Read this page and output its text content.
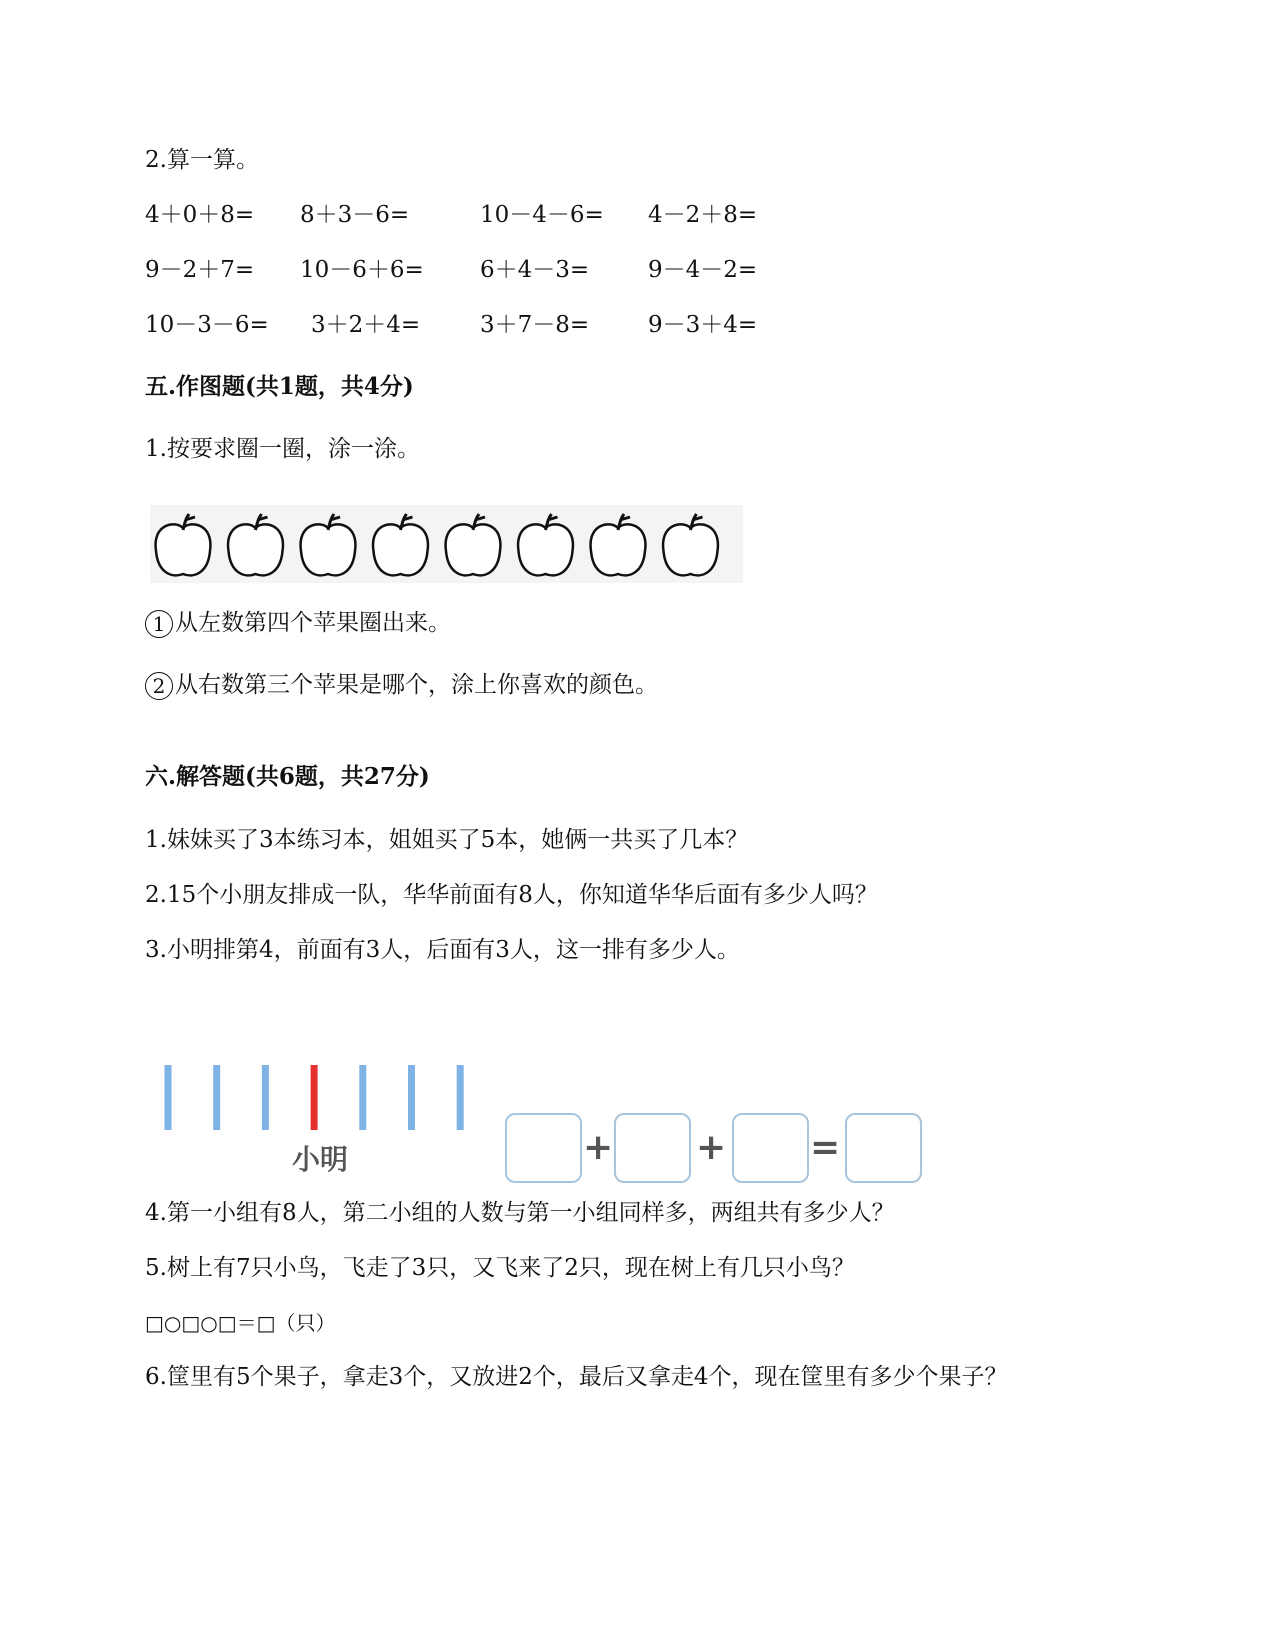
2.算一算。
4＋0＋8= 8＋3－6=	10－4－6= 4－2＋8=
9－2＋7= 10－6＋6= 6＋4－3=	9－4－2=
10－3－6= 3＋2＋4=	3＋7－8=	9－3＋4=
五.作图题(共1题，共4分)
1.按要求圈一圈，涂一涂。
1 从左数第四个苹果圈出来。
2 从右数第三个苹果是哪个，涂上你喜欢的颜色。
六.解答题(共6题，共27分)
1.妹妹买了3本练习本，姐姐买了5本，她俩一共买了几本？
2.15个小朋友排成一队，华华前面有8人，你知道华华后面有多少人吗？
3.小明排第4，前面有3人，后面有3人，这一排有多少人。
小明	+ + =
4.第一小组有8人，第二小组的人数与第一小组同样多，两组共有多少人？
5.树上有7只小鸟，飞走了3只，又飞来了2只，现在树上有几只小鸟？
□○□○□＝□（只）
6.筐里有5个果子，拿走3个，又放进2个，最后又拿走4个，现在筐里有多少个果子？
